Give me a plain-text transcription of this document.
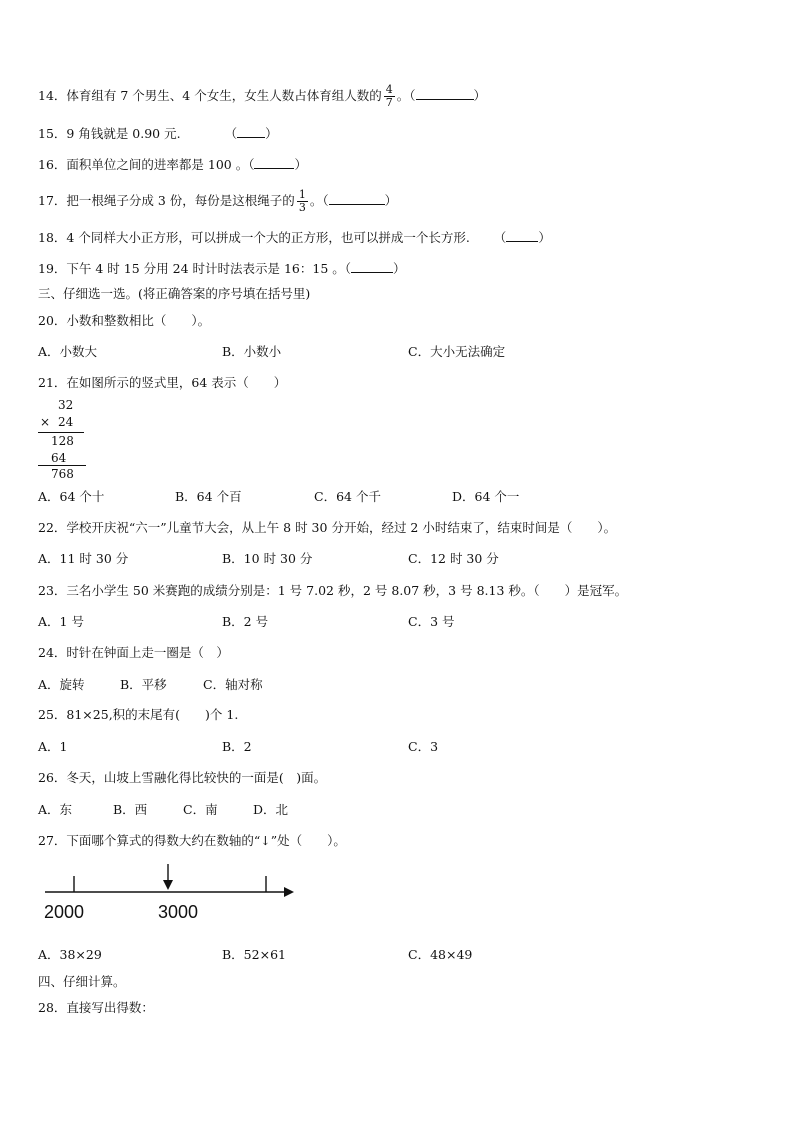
14．体育组有 7 个男生、4 个女生，女生人数占体育组人数的 $\frac{4}{7}$ 。（	）
15．9 角钱就是 0.90 元.	（ ）
16．面积单位之间的进率都是 100 。（	）
17．把一根绳子分成 3 份，每份是这根绳子的 $\frac{1}{3}$ 。（	）
18．4 个同样大小正方形，可以拼成一个大的正方形，也可以拼成一个长方形. （	）
19．下午 4 时 15 分用 24 时计时法表示是 16：15 。（	）
三、仔细选一选。(将正确答案的序号填在括号里)
20．小数和整数相比（　　）。
A．小数大	B．小数小	C．大小无法确定
21．在如图所示的竖式里，64 表示（　　）
32
× 24
128
64
768
A．64 个十	B．64 个百	C．64 个千	D．64 个一
22．学校开庆祝“六一”儿童节大会，从上午 8 时 30 分开始，经过 2 小时结束了，结束时间是（　　）。
A．11 时 30 分	B．10 时 30 分	C．12 时 30 分
23．三名小学生 50 米赛跑的成绩分别是：1 号 7.02 秒，2 号 8.07 秒，3 号 8.13 秒。（　　）是冠军。
A．1 号	B．2 号	C．3 号
24．时针在钟面上走一圈是（　）
A．旋转	B．平移	C．轴对称
25．81×25,积的末尾有(　　)个 1.
A．1	B．2	C．3
26．冬天，山坡上雪融化得比较快的一面是(　)面。
A．东	B．西	C．南	D．北
27．下面哪个算式的得数大约在数轴的“↓”处（　　）。
2000	3000
A．38×29	B．52×61	C．48×49
四、仔细计算。
28．直接写出得数：
